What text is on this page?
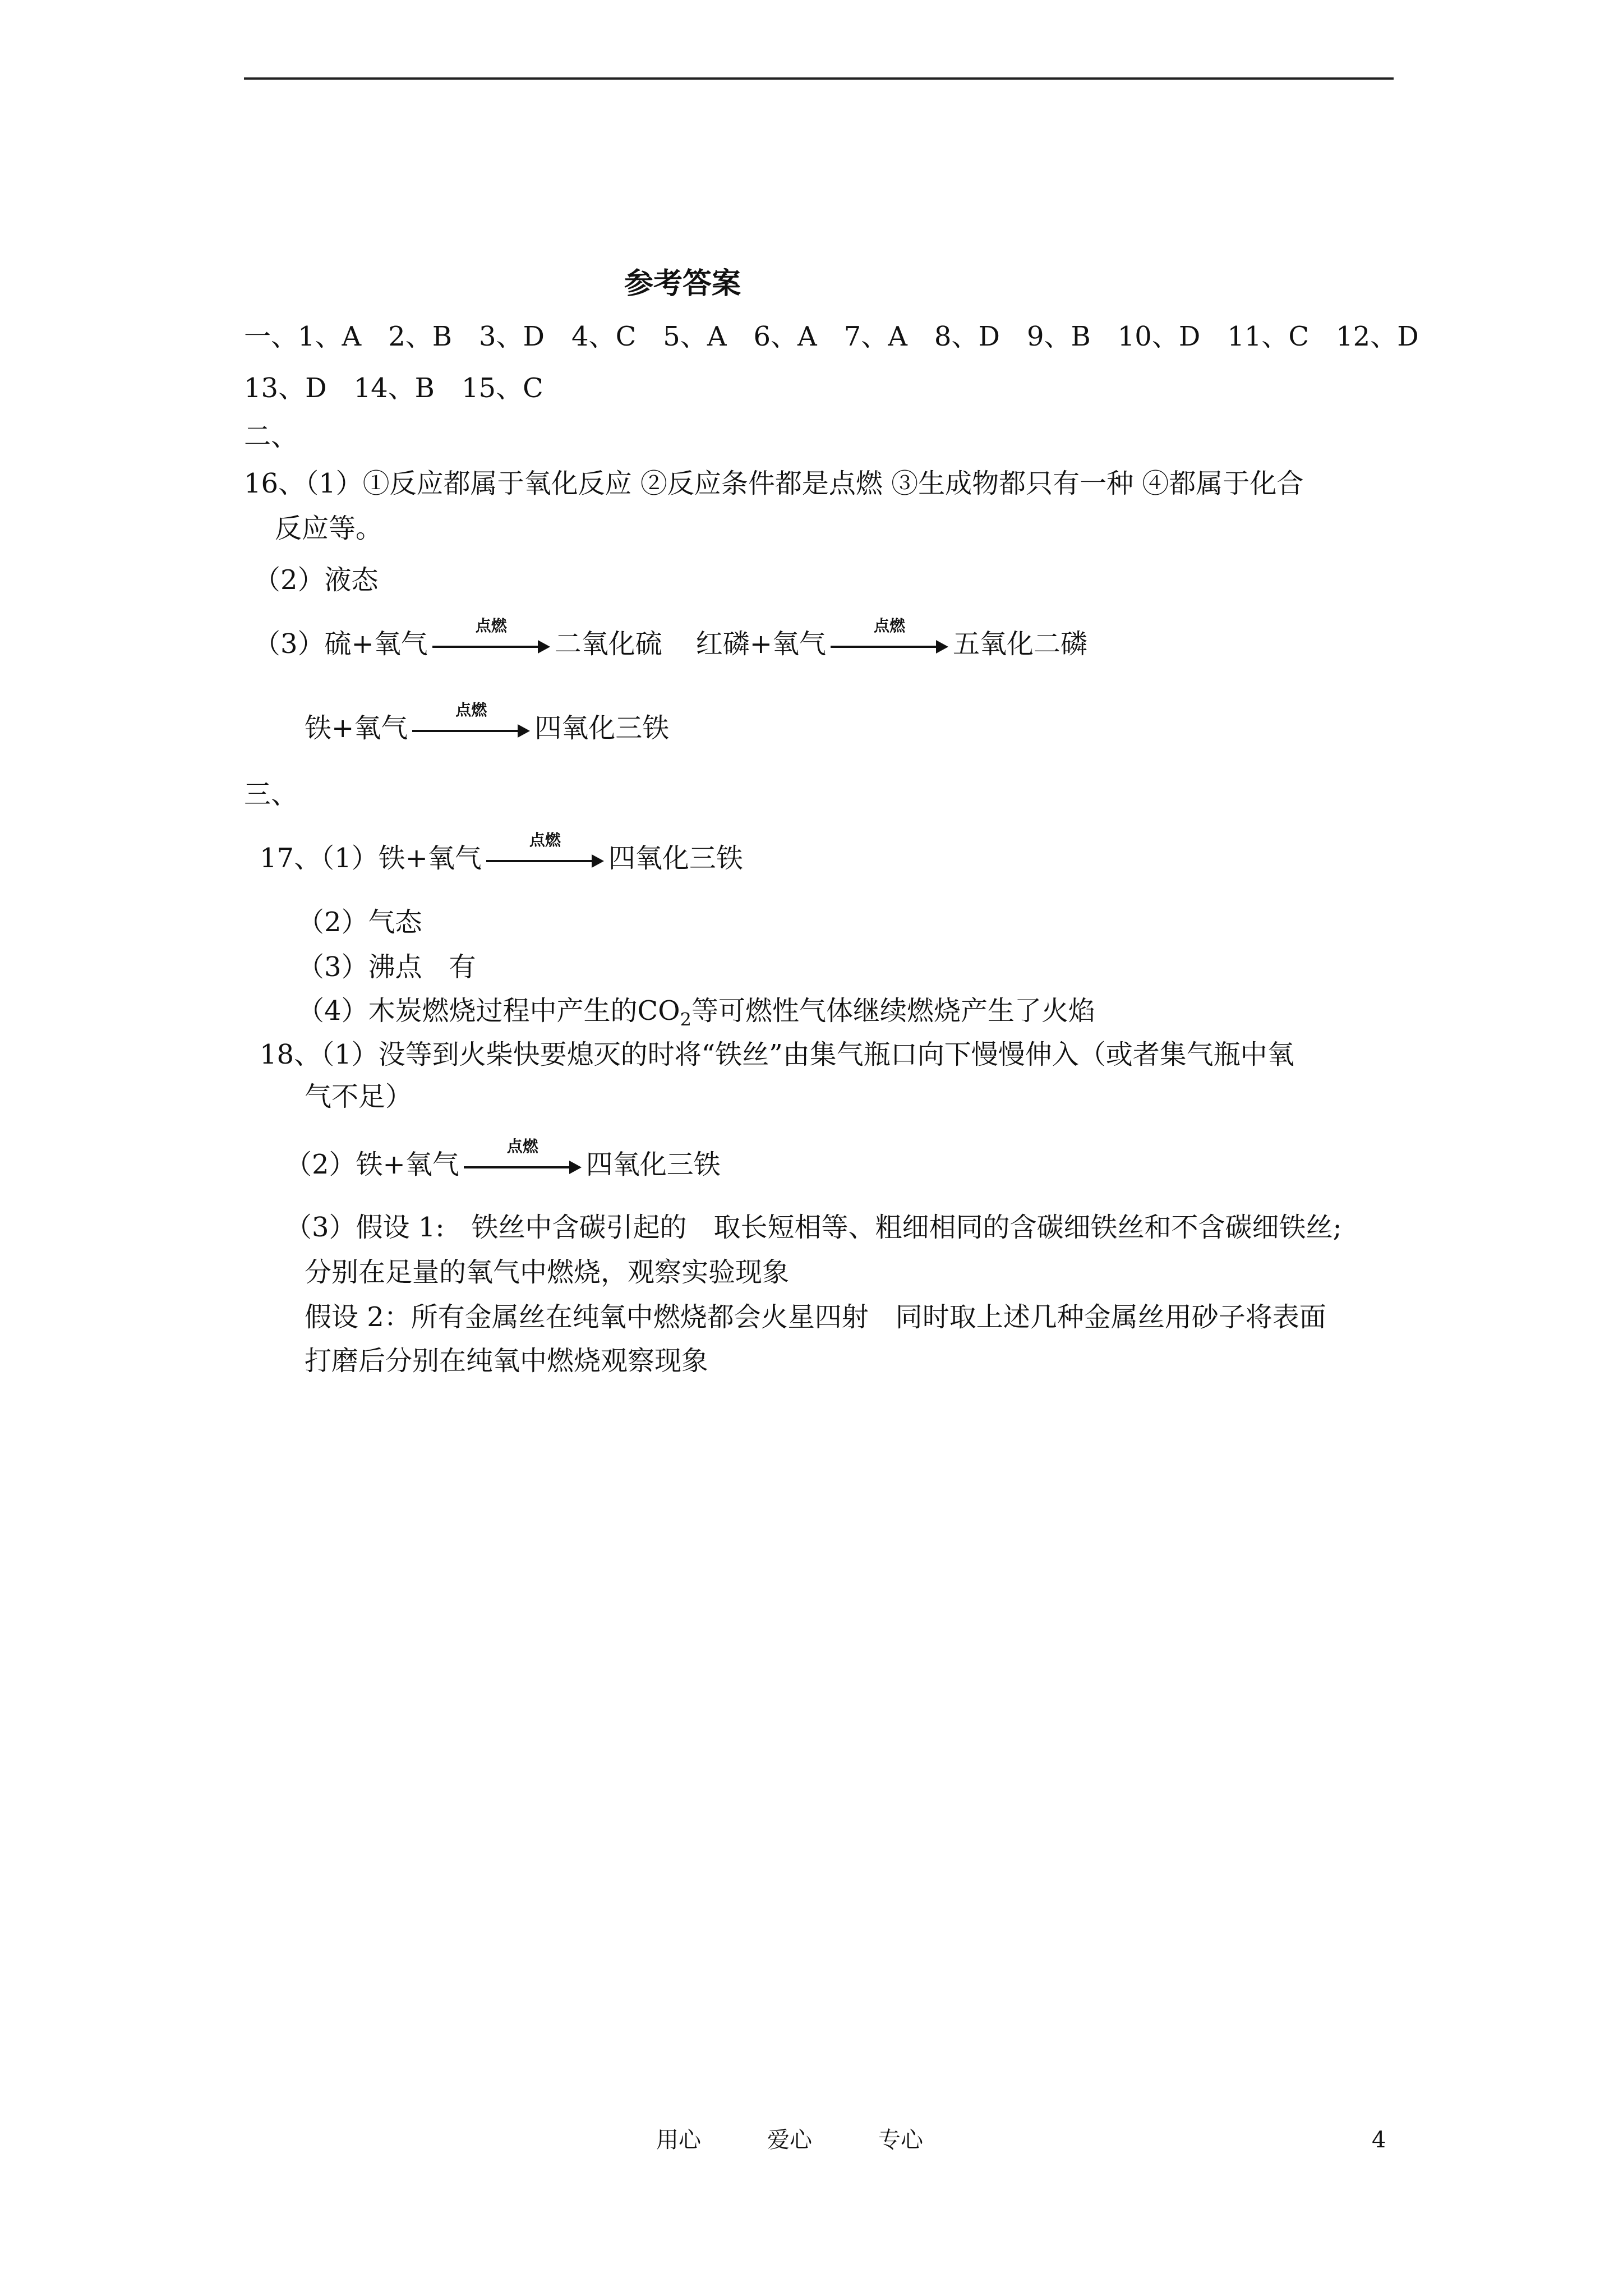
参考答案
一、1、A　2、B　3、D　4、C　5、A　6、A　7、A　8、D　9、B　10、D　11、C　12、D
13、D　14、B　15、C
二、
16、（1）①反应都属于氧化反应 ②反应条件都是点燃 ③生成物都只有一种 ④都属于化合
反应等。
（2）液态
（3）硫+氧气
点燃
二氧化硫 红磷+氧气
点燃
五氧化二磷
铁+氧气
点燃
四氧化三铁
三、
17、（1）铁+氧气
点燃
四氧化三铁
（2）气态
（3）沸点　有
（4）木炭燃烧过程中产生的$CO_2$等可燃性气体继续燃烧产生了火焰
18、（1）没等到火柴快要熄灭的时将“铁丝”由集气瓶口向下慢慢伸入（或者集气瓶中氧
气不足）
（2）铁+氧气
点燃
四氧化三铁
（3）假设 1:　铁丝中含碳引起的　取长短相等、粗细相同的含碳细铁丝和不含碳细铁丝;
分别在足量的氧气中燃烧，观察实验现象
假设 2：所有金属丝在纯氧中燃烧都会火星四射　同时取上述几种金属丝用砂子将表面
打磨后分别在纯氧中燃烧观察现象
用心	爱心	专心	4
